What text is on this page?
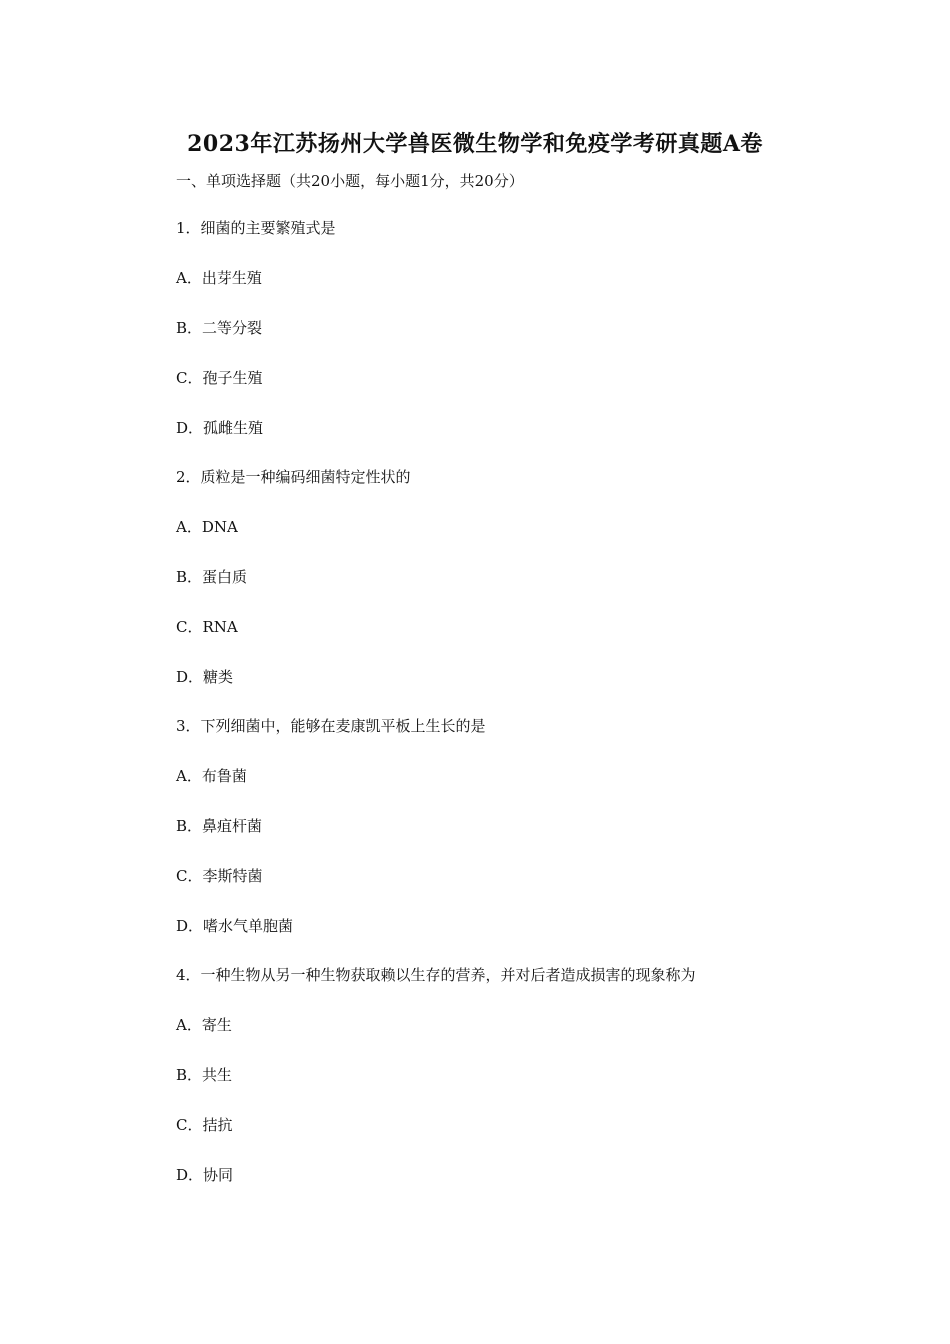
2023年江苏扬州大学兽医微生物学和免疫学考研真题A卷
一、单项选择题（共20小题，每小题1分，共20分）
1．细菌的主要繁殖式是
A．出芽生殖
B．二等分裂
C．孢子生殖
D．孤雌生殖
2．质粒是一种编码细菌特定性状的
A．DNA
B．蛋白质
C．RNA
D．糖类
3．下列细菌中，能够在麦康凯平板上生长的是
A．布鲁菌
B．鼻疽杆菌
C．李斯特菌
D．嗜水气单胞菌
4．一种生物从另一种生物获取赖以生存的营养，并对后者造成损害的现象称为
A．寄生
B．共生
C．拮抗
D．协同
